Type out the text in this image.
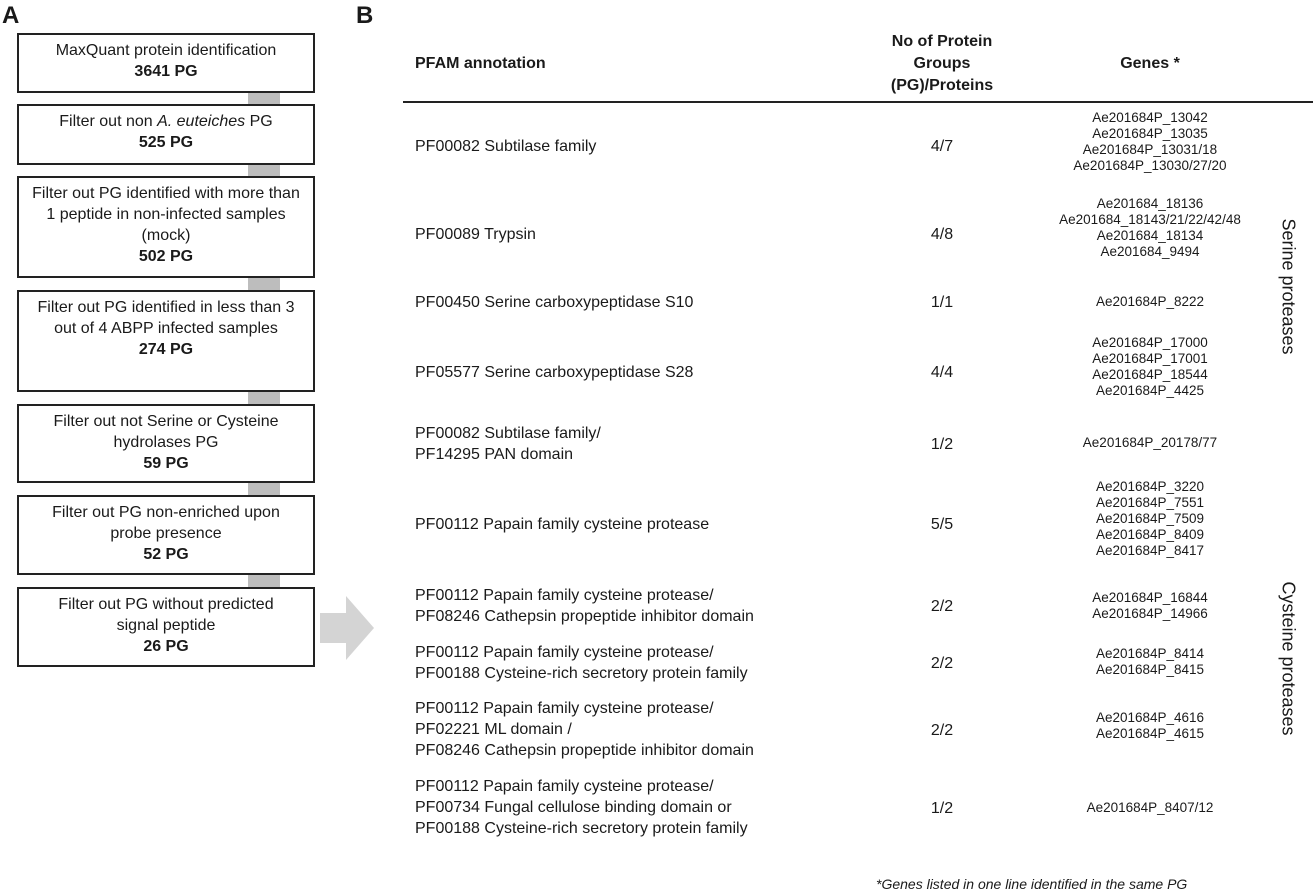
A	B
MaxQuant protein identification
3641 PG
Filter out non A. euteiches PG
525 PG
Filter out PG identified with more than 1 peptide in non-infected samples (mock)
502 PG
Filter out PG identified in less than 3 out of 4 ABPP infected samples
274 PG
Filter out not Serine or Cysteine hydrolases PG
59 PG
Filter out PG non-enriched upon probe presence
52 PG
Filter out PG without predicted signal peptide
26 PG
PFAM annotation
No of Protein Groups (PG)/Proteins
Genes *
PF00082 Subtilase family	4/7
Ae201684P_13042
Ae201684P_13035
Ae201684P_13031/18
Ae201684P_13030/27/20
PF00089 Trypsin	4/8
Ae201684_18136
Ae201684_18143/21/22/42/48
Ae201684_18134
Ae201684_9494
PF00450 Serine carboxypeptidase S10	1/1	Ae201684P_8222
PF05577 Serine carboxypeptidase S28	4/4
Ae201684P_17000
Ae201684P_17001
Ae201684P_18544
Ae201684P_4425
PF00082 Subtilase family/
PF14295 PAN domain
1/2	Ae201684P_20178/77
PF00112 Papain family cysteine protease	5/5
Ae201684P_3220
Ae201684P_7551
Ae201684P_7509
Ae201684P_8409
Ae201684P_8417
PF00112 Papain family cysteine protease/
PF08246 Cathepsin propeptide inhibitor domain
2/2
Ae201684P_16844
Ae201684P_14966
PF00112 Papain family cysteine protease/
PF00188 Cysteine-rich secretory protein family
2/2
Ae201684P_8414
Ae201684P_8415
PF00112 Papain family cysteine protease/
PF02221 ML domain /
PF08246 Cathepsin propeptide inhibitor domain
2/2
Ae201684P_4616
Ae201684P_4615
PF00112 Papain family cysteine protease/
PF00734 Fungal cellulose binding domain or
PF00188 Cysteine-rich secretory protein family
1/2	Ae201684P_8407/12
Serine proteases
Cysteine proteases
*Genes listed in one line identified in the same PG
